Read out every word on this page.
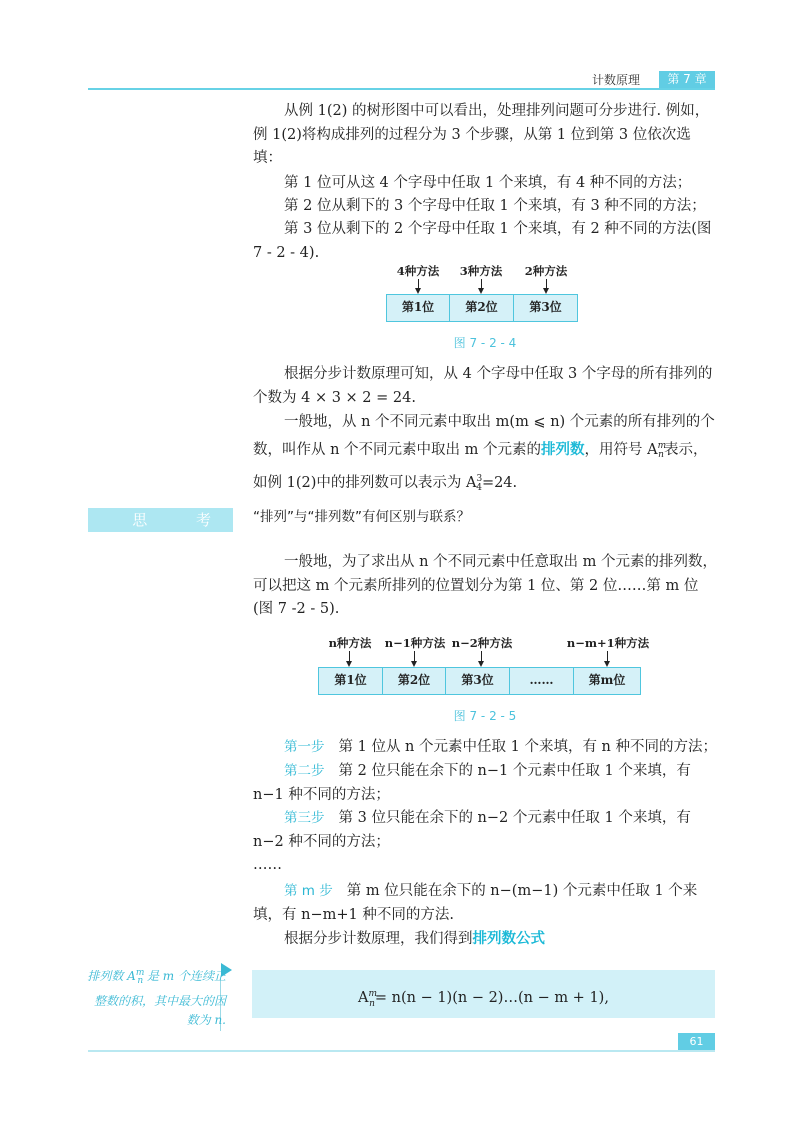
计数原理	第 7 章

从例 1(2) 的树形图中可以看出，处理排列问题可分步进行. 例如，例 1(2)将构成排列的过程分为 3 个步骤，从第 1 位到第 3 位依次选填：

第 1 位可从这 4 个字母中任取 1 个来填，有 4 种不同的方法；

第 2 位从剩下的 3 个字母中任取 1 个来填，有 3 种不同的方法；

第 3 位从剩下的 2 个字母中任取 1 个来填，有 2 种不同的方法(图 7 - 2 - 4).

4种方法	3种方法	2种方法
第1位	第2位	第3位
图 7 - 2 - 4

根据分步计数原理可知，从 4 个字母中任取 3 个字母的所有排列的个数为 4 × 3 × 2 = 24.

一般地，从 n 个不同元素中取出 m(m ⩽ n) 个元素的所有排列的个数，叫作从 n 个不同元素中取出 m 个元素的排列数，用符号 $A^m_n$表示，如例 1(2)中的排列数可以表示为 $A^3_4=24$.

思 考 “排列”与“排列数”有何区别与联系？

一般地，为了求出从 n 个不同元素中任意取出 m 个元素的排列数，可以把这 m 个元素所排列的位置划分为第 1 位、第 2 位……第 m 位(图 7 -2 - 5).

n种方法	n−1种方法 n−2种方法	n−m+1种方法
第1位	第2位	第3位	……	第m位
图 7 - 2 - 5

第一步 第 1 位从 n 个元素中任取 1 个来填，有 n 种不同的方法；

第二步 第 2 位只能在余下的 n−1 个元素中任取 1 个来填，有 n−1 种不同的方法；

第三步 第 3 位只能在余下的 n−2 个元素中任取 1 个来填，有 n−2 种不同的方法；

……

第 m 步 第 m 位只能在余下的 n−(m−1) 个元素中任取 1 个来填，有 n−m+1 种不同的方法.

根据分步计数原理，我们得到排列数公式

排列数 $A^m_n$ 是 m 个连续正整数的积，其中最大的因数为 n.
$A^m_n= n(n - 1)(n$ − 2)…(n − m + 1),
61
